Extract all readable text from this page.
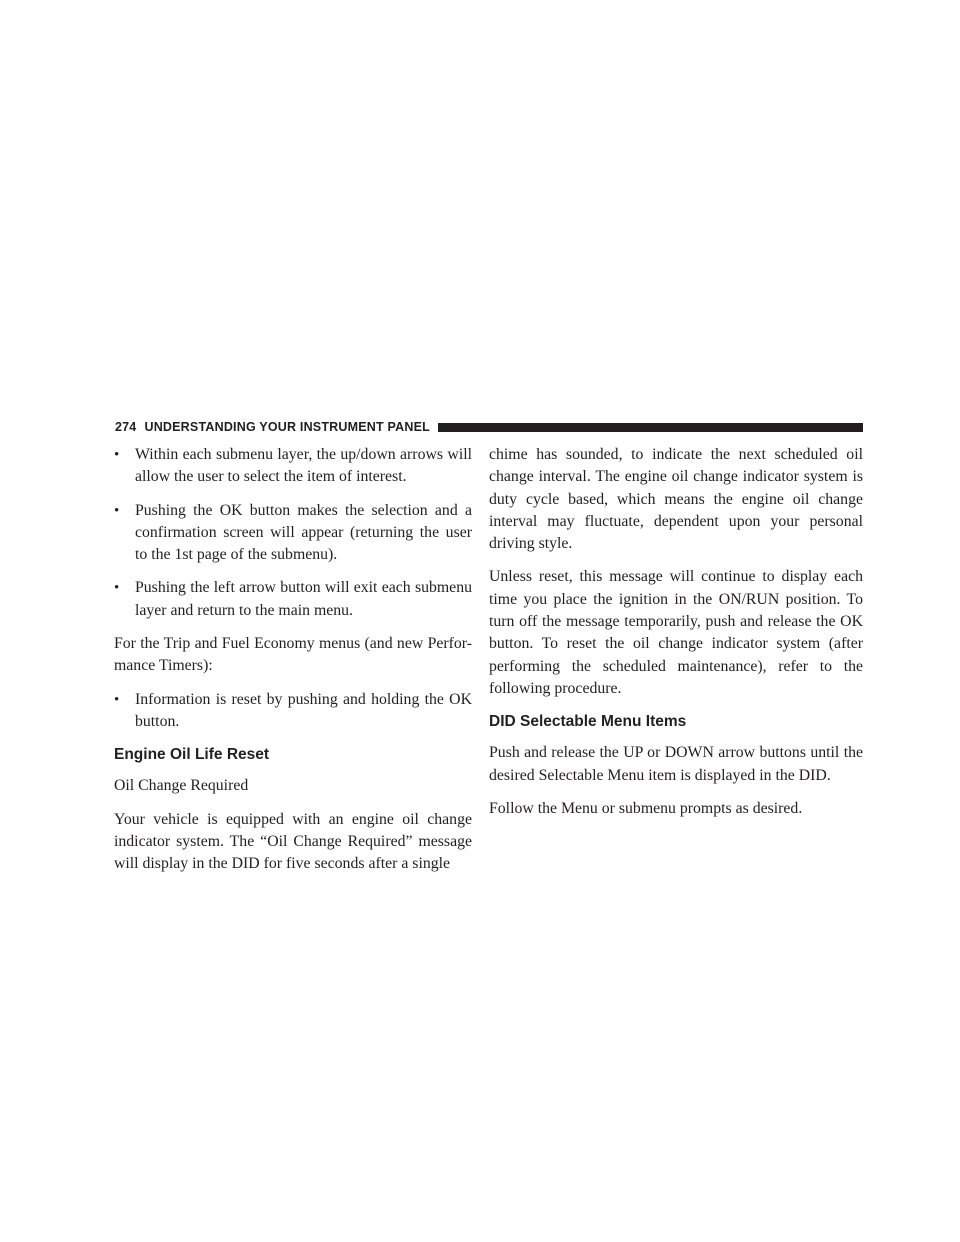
274 UNDERSTANDING YOUR INSTRUMENT PANEL
• Within each submenu layer, the up/down arrows will allow the user to select the item of interest.
• Pushing the OK button makes the selection and a confirmation screen will appear (returning the user to the 1st page of the submenu).
• Pushing the left arrow button will exit each submenu layer and return to the main menu.

For the Trip and Fuel Economy menus (and new Perfor-mance Timers):

• Information is reset by pushing and holding the OK button.
Engine Oil Life Reset

Oil Change Required

Your vehicle is equipped with an engine oil change indicator system. The “Oil Change Required” message will display in the DID for five seconds after a single

chime has sounded, to indicate the next scheduled oil change interval. The engine oil change indicator system is duty cycle based, which means the engine oil change interval may fluctuate, dependent upon your personal driving style.

Unless reset, this message will continue to display each time you place the ignition in the ON/RUN position. To turn off the message temporarily, push and release the OK button. To reset the oil change indicator system (after performing the scheduled maintenance), refer to the following procedure.

DID Selectable Menu Items

Push and release the UP or DOWN arrow buttons until the desired Selectable Menu item is displayed in the DID.

Follow the Menu or submenu prompts as desired.
